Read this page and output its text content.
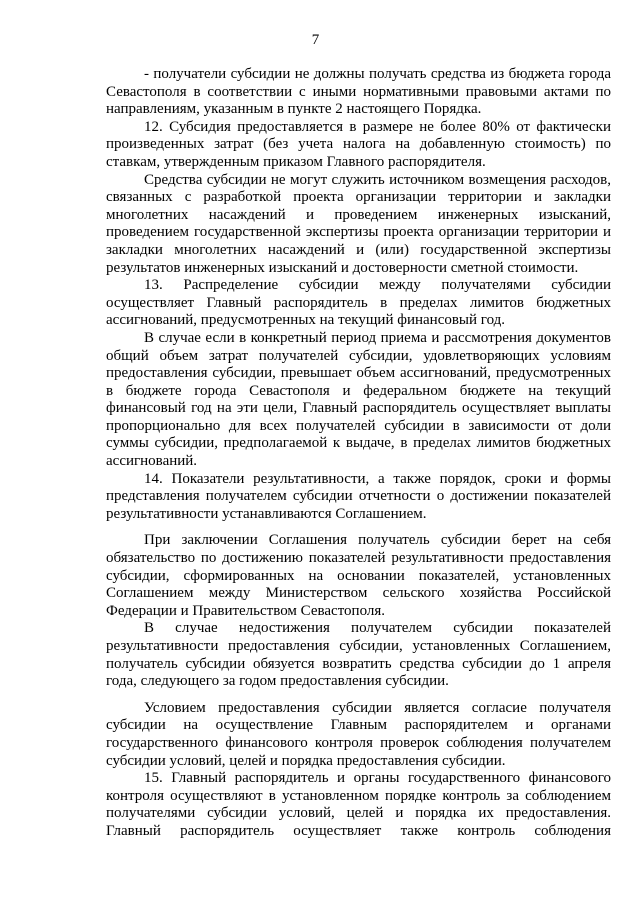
7

- получатели субсидии не должны получать средства из бюджета города Севастополя в соответствии с иными нормативными правовыми актами по направлениям, указанным в пункте 2 настоящего Порядка.

12. Субсидия предоставляется в размере не более 80% от фактически произведенных затрат (без учета налога на добавленную стоимость) по ставкам, утвержденным приказом Главного распорядителя.

Средства субсидии не могут служить источником возмещения расходов, связанных с разработкой проекта организации территории и закладки многолетних насаждений и проведением инженерных изысканий, проведением государственной экспертизы проекта организации территории и закладки многолетних насаждений и (или) государственной экспертизы результатов инженерных изысканий и достоверности сметной стоимости.

13. Распределение субсидии между получателями субсидии осуществляет Главный распорядитель в пределах лимитов бюджетных ассигнований, предусмотренных на текущий финансовый год.

В случае если в конкретный период приема и рассмотрения документов общий объем затрат получателей субсидии, удовлетворяющих условиям предоставления субсидии, превышает объем ассигнований, предусмотренных в бюджете города Севастополя и федеральном бюджете на текущий финансовый год на эти цели, Главный распорядитель осуществляет выплаты пропорционально для всех получателей субсидии в зависимости от доли суммы субсидии, предполагаемой к выдаче, в пределах лимитов бюджетных ассигнований.

14. Показатели результативности, а также порядок, сроки и формы представления получателем субсидии отчетности о достижении показателей результативности устанавливаются Соглашением.

При заключении Соглашения получатель субсидии берет на себя обязательство по достижению показателей результативности предоставления субсидии, сформированных на основании показателей, установленных Соглашением между Министерством сельского хозяйства Российской Федерации и Правительством Севастополя.

В случае недостижения получателем субсидии показателей результативности предоставления субсидии, установленных Соглашением, получатель субсидии обязуется возвратить средства субсидии до 1 апреля года, следующего за годом предоставления субсидии.

Условием предоставления субсидии является согласие получателя субсидии на осуществление Главным распорядителем и органами государственного финансового контроля проверок соблюдения получателем субсидии условий, целей и порядка предоставления субсидии.

15. Главный распорядитель и органы государственного финансового контроля осуществляют в установленном порядке контроль за соблюдением получателями субсидии условий, целей и порядка их предоставления. Главный распорядитель осуществляет также контроль соблюдения
